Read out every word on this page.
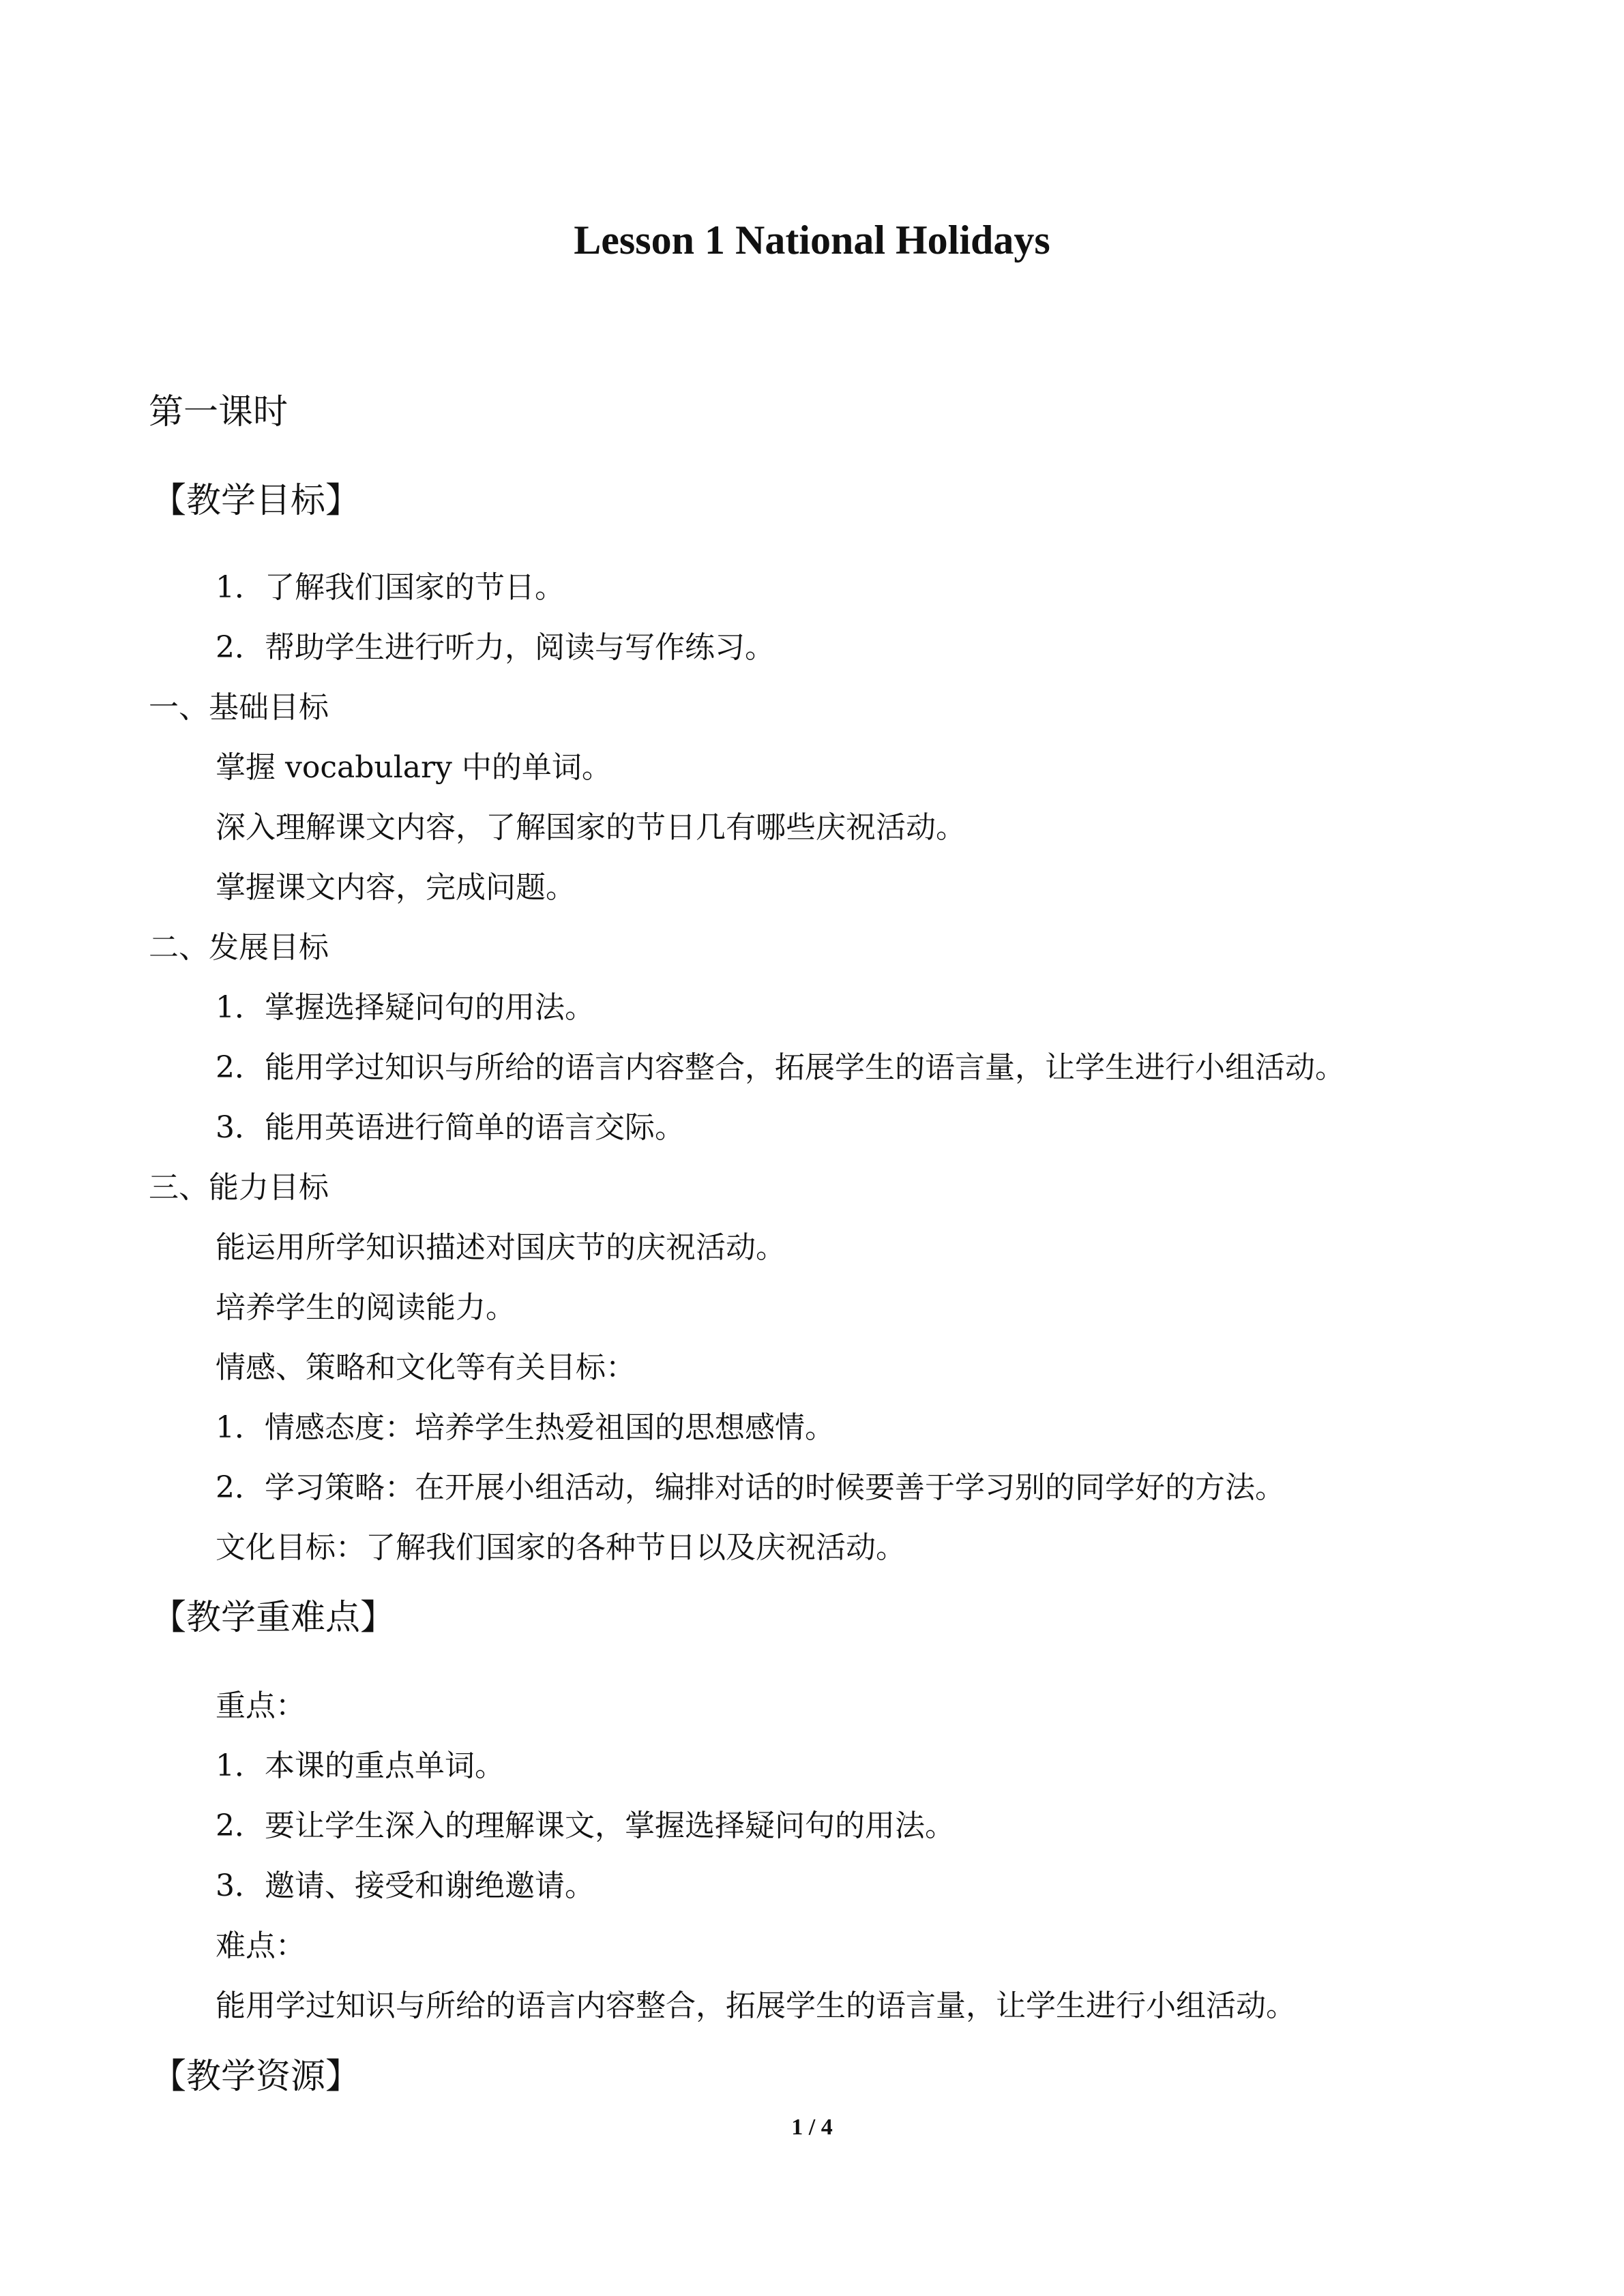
Lesson 1 National Holidays
第一课时
【教学目标】
1．了解我们国家的节日。
2．帮助学生进行听力，阅读与写作练习。
一、基础目标
掌握 vocabulary 中的单词。
深入理解课文内容，了解国家的节日几有哪些庆祝活动。
掌握课文内容，完成问题。
二、发展目标
1．掌握选择疑问句的用法。
2．能用学过知识与所给的语言内容整合，拓展学生的语言量，让学生进行小组活动。
3．能用英语进行简单的语言交际。
三、能力目标
能运用所学知识描述对国庆节的庆祝活动。
培养学生的阅读能力。
情感、策略和文化等有关目标：
1．情感态度：培养学生热爱祖国的思想感情。
2．学习策略：在开展小组活动，编排对话的时候要善于学习别的同学好的方法。
文化目标：了解我们国家的各种节日以及庆祝活动。
【教学重难点】
重点：
1．本课的重点单词。
2．要让学生深入的理解课文，掌握选择疑问句的用法。
3．邀请、接受和谢绝邀请。
难点：
能用学过知识与所给的语言内容整合，拓展学生的语言量，让学生进行小组活动。
【教学资源】
1 / 4
